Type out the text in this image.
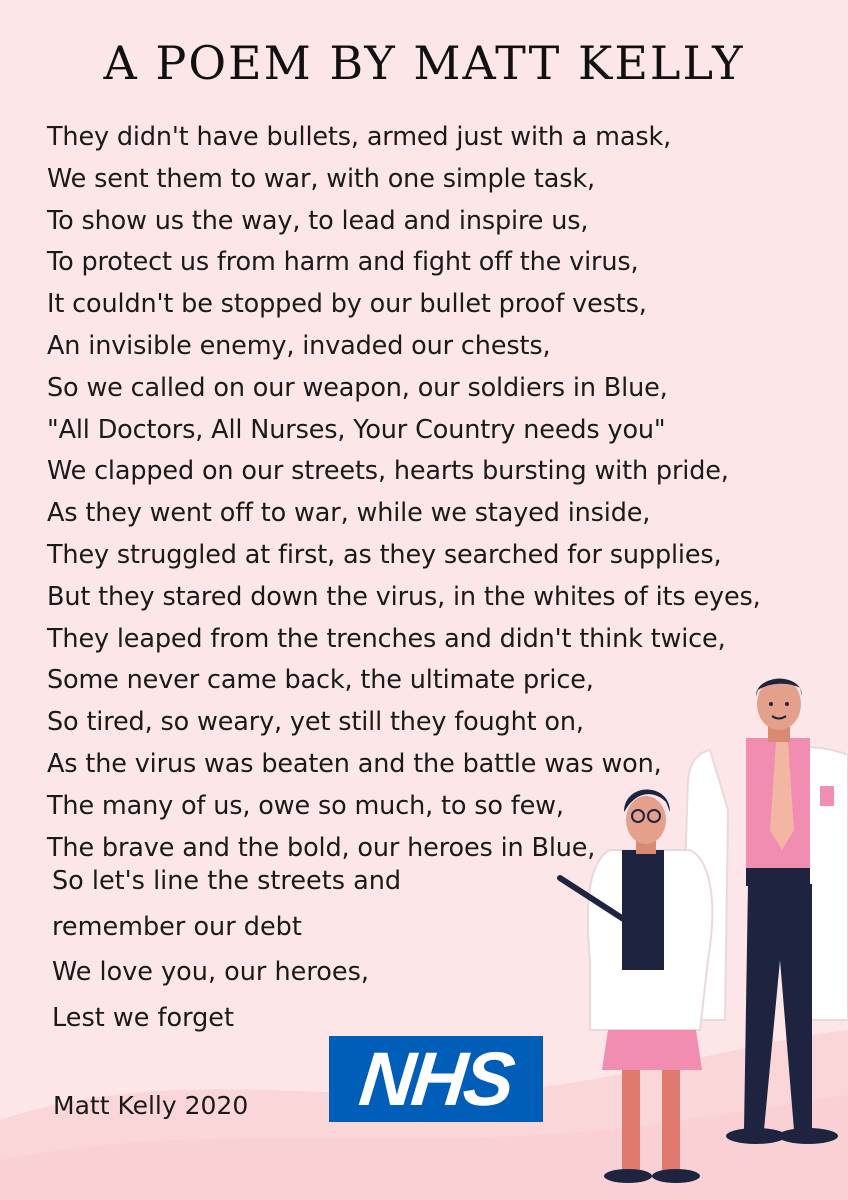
A POEM BY MATT KELLY
They didn't have bullets, armed just with a mask,
We sent them to war, with one simple task,
To show us the way, to lead and inspire us,
To protect us from harm and fight off the virus,
It couldn't be stopped by our bullet proof vests,
An invisible enemy, invaded our chests,
So we called on our weapon, our soldiers in Blue,
"All Doctors, All Nurses, Your Country needs you"
We clapped on our streets, hearts bursting with pride,
As they went off to war, while we stayed inside,
They struggled at first, as they searched for supplies,
But they stared down the virus, in the whites of its eyes,
They leaped from the trenches and didn't think twice,
Some never came back, the ultimate price,
So tired, so weary, yet still they fought on,
As the virus was beaten and the battle was won,
The many of us, owe so much, to so few,
The brave and the bold, our heroes in Blue,
So let's line the streets and
remember our debt
We love you, our heroes,
Lest we forget
NHS
Matt Kelly 2020
